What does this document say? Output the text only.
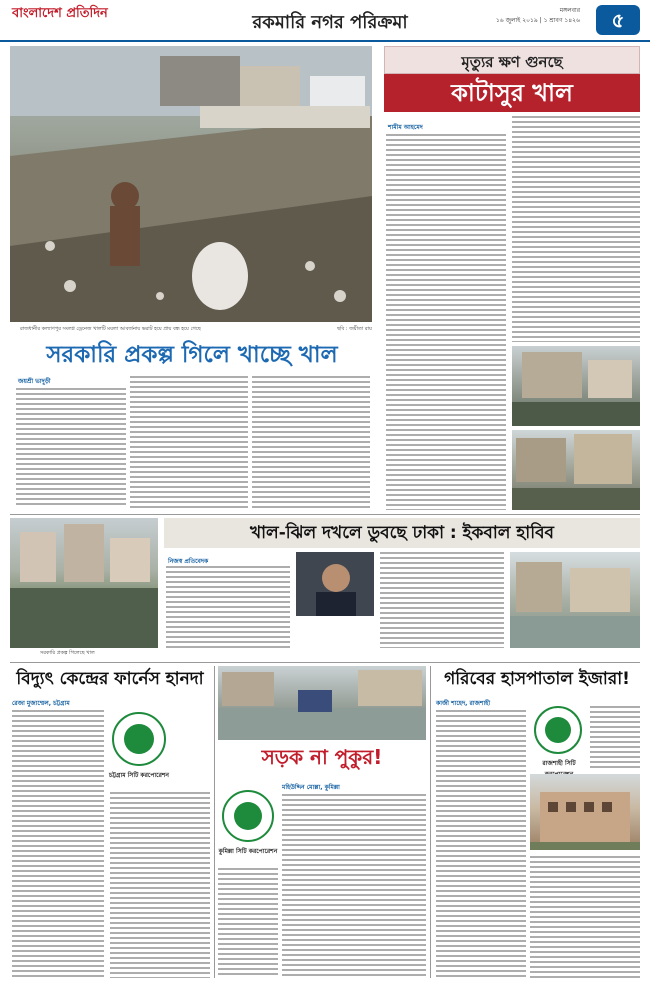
বাংলাদেশ প্রতিদিন	রকমারি নগর পরিক্রমা
মঙ্গলবার
১৬ জুলাই ২০১৯ | ১ শ্রাবণ ১৪২৬	৫
রাজধানীর কল্যাণপুর সংলগ্ন ড্রেনেজ খালটি ময়লা আবর্জনায় ভরাট হয়ে প্রায় বন্ধ হয়ে গেছে	ছবি : জয়ীতা রায়
সরকারি প্রকল্প গিলে খাচ্ছে খাল
জয়শ্রী ভাদুড়ী
মৃত্যুর ক্ষণ গুনছে
কাটাসুর খাল
শামীম আহমেদ
সরকারি প্রকল্প গিলেছে খাল
খাল-ঝিল দখলে ডুবছে ঢাকা : ইকবাল হাবিব
নিজস্ব প্রতিবেদক
বিদ্যুৎ কেন্দ্রের ফার্নেস হানদা
রেজা মুজাম্মেল, চট্টগ্রাম
চট্টগ্রাম সিটি করপোরেশন
সড়ক না পুকুর!
কুমিল্লা সিটি করপোরেশন
মহিউদ্দিন মোল্লা, কুমিল্লা
গরিবের হাসপাতাল ইজারা!
কাজী শাহেদ, রাজশাহী
রাজশাহী সিটি
